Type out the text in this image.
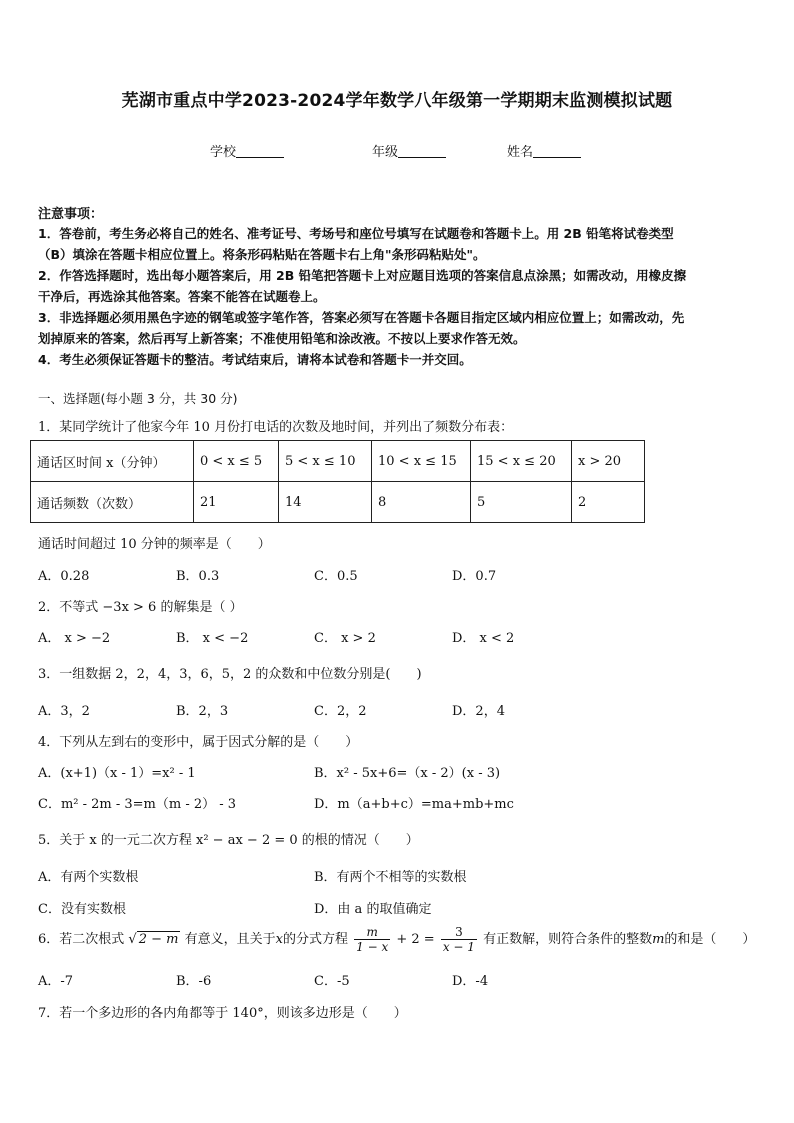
芜湖市重点中学2023-2024学年数学八年级第一学期期末监测模拟试题
学校	年级	姓名
注意事项：
1．答卷前，考生务必将自己的姓名、准考证号、考场号和座位号填写在试题卷和答题卡上。用 2B 铅笔将试卷类型
（B）填涂在答题卡相应位置上。将条形码粘贴在答题卡右上角"条形码粘贴处"。
2．作答选择题时，选出每小题答案后，用 2B 铅笔把答题卡上对应题目选项的答案信息点涂黑；如需改动，用橡皮擦
干净后，再选涂其他答案。答案不能答在试题卷上。
3．非选择题必须用黑色字迹的钢笔或签字笔作答，答案必须写在答题卡各题目指定区域内相应位置上；如需改动，先
划掉原来的答案，然后再写上新答案；不准使用铅笔和涂改液。不按以上要求作答无效。
4．考生必须保证答题卡的整洁。考试结束后，请将本试卷和答题卡一并交回。
一、选择题(每小题 3 分，共 30 分)
1．某同学统计了他家今年 10 月份打电话的次数及地时间，并列出了频数分布表：
通话区时间 x（分钟）	0 < x ≤ 5	5 < x ≤ 10	10 < x ≤ 15	15 < x ≤ 20	x > 20
通话频数（次数）	21	14	8	5	2
通话时间超过 10 分钟的频率是（　　）
A．0.28	B．0.3	C．0.5	D．0.7
2．不等式 −3x > 6 的解集是（ ）
A． x > −2	B． x < −2	C． x > 2	D． x < 2
3．一组数据 2，2，4，3，6，5，2 的众数和中位数分别是(　　)
A．3，2	B．2，3	C．2，2	D．2，4
4．下列从左到右的变形中，属于因式分解的是（　　）
A．(x+1)（x - 1）=x² - 1	B．x² - 5x+6=（x - 2）(x - 3)
C．m² - 2m - 3=m（m - 2） - 3	D．m（a+b+c）=ma+mb+mc
5．关于 x 的一元二次方程 x² − ax − 2 = 0 的根的情况（　　）
A．有两个实数根	B．有两个不相等的实数根
C．没有实数根	D．由 a 的取值确定
6．若二次根式 √ 2 − m 有意义，且关于x的分式方程 $\frac{m}{1 - x} + 2 = \frac{3}{x - 1}$ 有正数解，则符合条件的整数m的和是（　　）
A．-7	B．-6	C．-5	D．-4
7．若一个多边形的各内角都等于 140°，则该多边形是（　　）
